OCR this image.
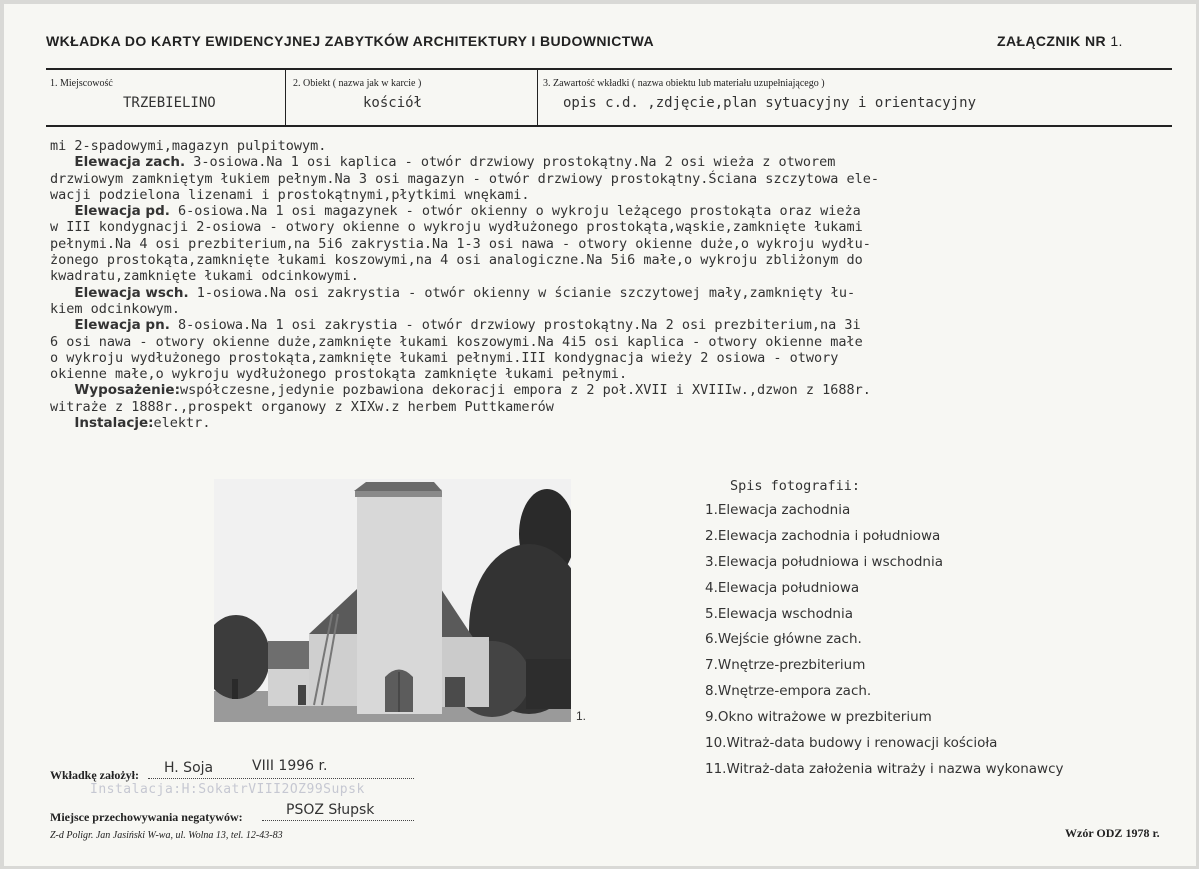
WKŁADKA DO KARTY EWIDENCYJNEJ ZABYTKÓW ARCHITEKTURY I BUDOWNICTWA	ZAŁĄCZNIK NR 1.
1. Miejscowość
TRZEBIELINO
2. Obiekt ( nazwa jak w karcie )
kościół
3. Zawartość wkładki ( nazwa obiektu lub materiału uzupełniającego )
opis c.d. ,zdjęcie,plan sytuacyjny i orientacyjny
mi 2-spadowymi,magazyn pulpitowym.
Elewacja zach. 3-osiowa.Na 1 osi kaplica - otwór drzwiowy prostokątny.Na 2 osi wieża z otworem
drzwiowym zamkniętym łukiem pełnym.Na 3 osi magazyn - otwór drzwiowy prostokątny.Ściana szczytowa ele-
wacji podzielona lizenami i prostokątnymi,płytkimi wnękami.
Elewacja pd. 6-osiowa.Na 1 osi magazynek - otwór okienny o wykroju leżącego prostokąta oraz wieża
w III kondygnacji 2-osiowa - otwory okienne o wykroju wydłużonego prostokąta,wąskie,zamknięte łukami
pełnymi.Na 4 osi prezbiterium,na 5i6 zakrystia.Na 1-3 osi nawa - otwory okienne duże,o wykroju wydłu-
żonego prostokąta,zamknięte łukami koszowymi,na 4 osi analogiczne.Na 5i6 małe,o wykroju zbliżonym do
kwadratu,zamknięte łukami odcinkowymi.
Elewacja wsch. 1-osiowa.Na osi zakrystia - otwór okienny w ścianie szczytowej mały,zamknięty łu-
kiem odcinkowym.
Elewacja pn. 8-osiowa.Na 1 osi zakrystia - otwór drzwiowy prostokątny.Na 2 osi prezbiterium,na 3i
6 osi nawa - otwory okienne duże,zamknięte łukami koszowymi.Na 4i5 osi kaplica - otwory okienne małe
o wykroju wydłużonego prostokąta,zamknięte łukami pełnymi.III kondygnacja wieży 2 osiowa - otwory
okienne małe,o wykroju wydłużonego prostokąta zamknięte łukami pełnymi.
Wyposażenie:współczesne,jedynie pozbawiona dekoracji empora z 2 poł.XVII i XVIIIw.,dzwon z 1688r.
witraże z 1888r.,prospekt organowy z XIXw.z herbem Puttkamerów
Instalacje:elektr.
1.
Spis fotografii:
1.Elewacja zachodnia
2.Elewacja zachodnia i południowa
3.Elewacja południowa i wschodnia
4.Elewacja południowa
5.Elewacja wschodnia
6.Wejście główne zach.
7.Wnętrze-prezbiterium
8.Wnętrze-empora zach.
9.Okno witrażowe w prezbiterium
10.Witraż-data budowy i renowacji kościoła
11.Witraż-data założenia witraży i nazwa wykonawcy
Wkładkę założył: H. Soja	VIII 1996 r.
Instalacja:H:SokatrVIII2OZ99Supsk
Miejsce przechowywania negatywów:	PSOZ Słupsk
Z-d Poligr. Jan Jasiński W-wa, ul. Wolna 13, tel. 12-43-83	Wzór ODZ 1978 r.
